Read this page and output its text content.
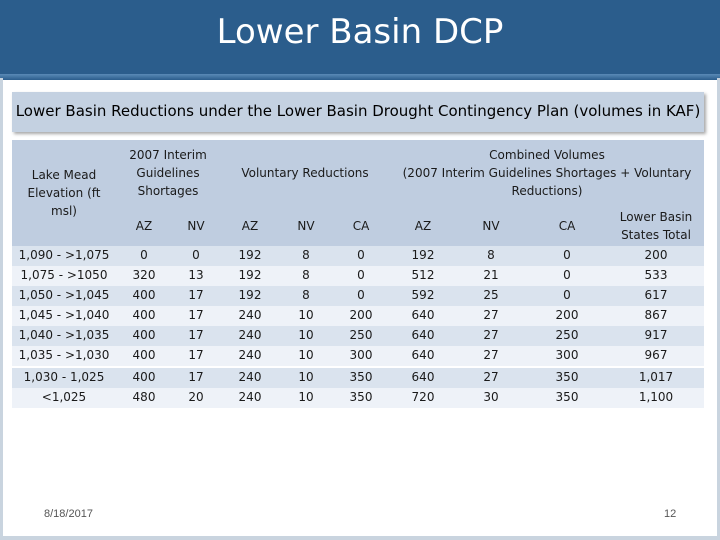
Lower Basin DCP
Lower Basin Reductions under the Lower Basin Drought Contingency Plan (volumes in KAF)
Lake Mead
Elevation (ft
msl)
2007 Interim
Guidelines
Shortages
Voluntary Reductions
Combined Volumes
(2007 Interim Guidelines Shortages + Voluntary
Reductions)
Lower Basin
States Total
AZ	NV	AZ	NV	CA	AZ	NV	CA
1,090 - >1,075	0	0	192	8	0	192	8	0	200
1,075 - >1050	320	13	192	8	0	512	21	0	533
1,050 - >1,045	400	17	192	8	0	592	25	0	617
1,045 - >1,040	400	17	240	10	200	640	27	200	867
1,040 - >1,035	400	17	240	10	250	640	27	250	917
1,035 - >1,030	400	17	240	10	300	640	27	300	967
1,030 - 1,025	400	17	240	10	350	640	27	350	1,017
<1,025	480	20	240	10	350	720	30	350	1,100
8/18/2017	12
